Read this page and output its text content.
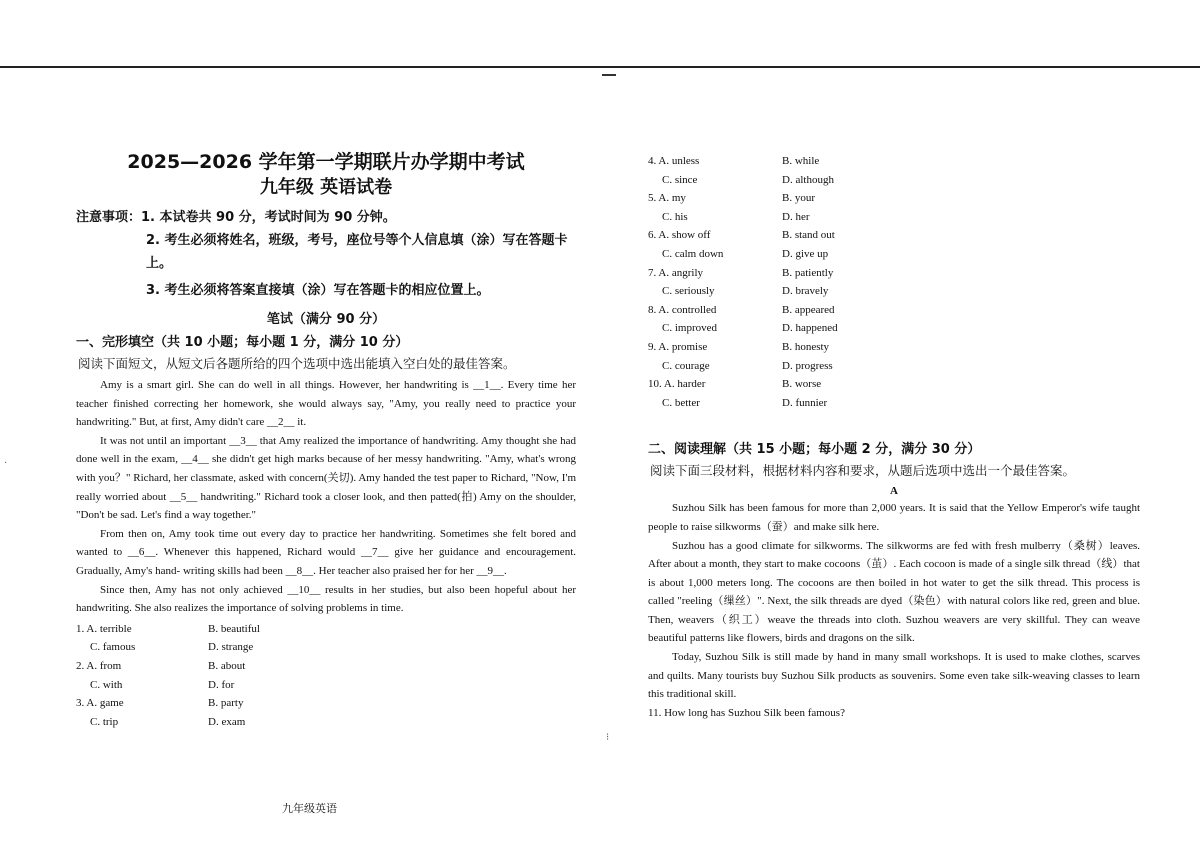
2025—2026 学年第一学期联片办学期中考试
九年级 英语试卷
注意事项： 1. 本试卷共 90 分，考试时间为 90 分钟。
2. 考生必须将姓名，班级，考号，座位号等个人信息填（涂）写在答题卡上。
3. 考生必须将答案直接填（涂）写在答题卡的相应位置上。
笔试（满分 90 分）
一、完形填空（共 10 小题；每小题 1 分，满分 10 分）
阅读下面短文，从短文后各题所给的四个选项中选出能填入空白处的最佳答案。

Amy is a smart girl. She can do well in all things. However, her handwriting is __1__. Every time her teacher finished correcting her homework, she would always say, "Amy, you really need to practice your handwriting." But, at first, Amy didn't care __2__ it.

It was not until an important __3__ that Amy realized the importance of handwriting. Amy thought she had done well in the exam, __4__ she didn't get high marks because of her messy handwriting. "Amy, what's wrong with you？" Richard, her classmate, asked with concern(关切). Amy handed the test paper to Richard, "Now, I'm really worried about __5__ handwriting." Richard took a closer look, and then patted(拍) Amy on the shoulder, "Don't be sad. Let's find a way together."

From then on, Amy took time out every day to practice her handwriting. Sometimes she felt bored and wanted to __6__. Whenever this happened, Richard would __7__ give her guidance and encouragement. Gradually, Amy's hand- writing skills had been __8__. Her teacher also praised her for her __9__.

Since then, Amy has not only achieved __10__ results in her studies, but also been hopeful about her handwriting. She also realizes the importance of solving problems in time.

1. A. terrible	B. beautiful
C. famous	D. strange
2. A. from	B. about
C. with	D. for
3. A. game	B. party
C. trip	D. exam
4. A. unless	B. while
C. since	D. although
5. A. my	B. your
C. his	D. her
6. A. show off	B. stand out
C. calm down	D. give up
7. A. angrily	B. patiently
C. seriously	D. bravely
8. A. controlled	B. appeared
C. improved	D. happened
9. A. promise	B. honesty
C. courage	D. progress
10. A. harder	B. worse
C. better	D. funnier
二、阅读理解（共 15 小题；每小题 2 分，满分 30 分）
阅读下面三段材料，根据材料内容和要求，从题后选项中选出一个最佳答案。
A

Suzhou Silk has been famous for more than 2,000 years. It is said that the Yellow Emperor's wife taught people to raise silkworms（蚕）and make silk here.

Suzhou has a good climate for silkworms. The silkworms are fed with fresh mulberry（桑树）leaves. After about a month, they start to make cocoons（茧）. Each cocoon is made of a single silk thread（线）that is about 1,000 meters long. The cocoons are then boiled in hot water to get the silk thread. This process is called "reeling（缫丝）". Next, the silk threads are dyed（染色）with natural colors like red, green and blue. Then, weavers（织工）weave the threads into cloth. Suzhou weavers are very skillful. They can weave beautiful patterns like flowers, birds and dragons on the silk.

Today, Suzhou Silk is still made by hand in many small workshops. It is used to make clothes, scarves and quilts. Many tourists buy Suzhou Silk products as souvenirs. Some even take silk-weaving classes to learn this traditional skill.

11. How long has Suzhou Silk been famous?
九年级英语
⁝
·
